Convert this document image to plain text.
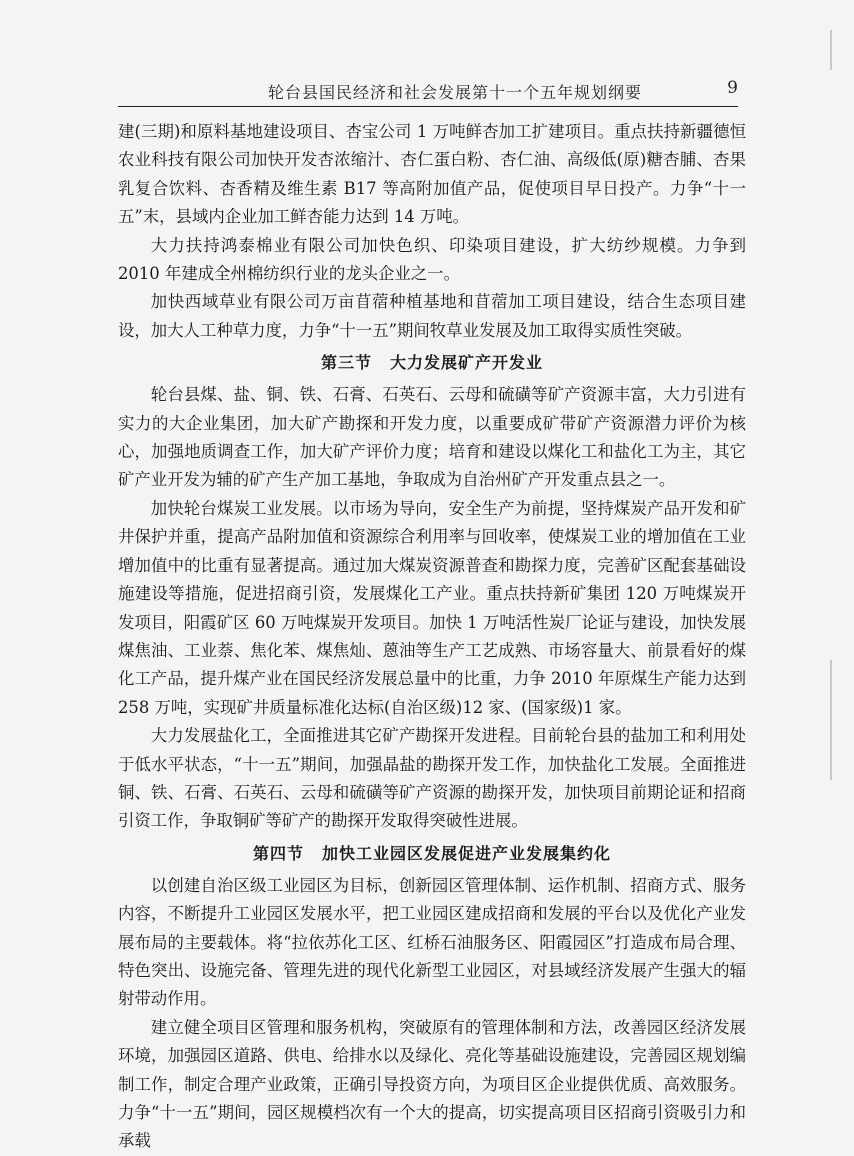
轮台县国民经济和社会发展第十一个五年规划纲要	9

建(三期)和原料基地建设项目、杏宝公司 1 万吨鲜杏加工扩建项目。重点扶持新疆德恒农业科技有限公司加快开发杏浓缩汁、杏仁蛋白粉、杏仁油、高级低(原)糖杏脯、杏果乳复合饮料、杏香精及维生素 B17 等高附加值产品，促使项目早日投产。力争“十一五”末，县域内企业加工鲜杏能力达到 14 万吨。

大力扶持鸿泰棉业有限公司加快色织、印染项目建设，扩大纺纱规模。力争到 2010 年建成全州棉纺织行业的龙头企业之一。

加快西域草业有限公司万亩苜蓿种植基地和苜蓿加工项目建设，结合生态项目建设，加大人工种草力度，力争“十一五”期间牧草业发展及加工取得实质性突破。

第三节 大力发展矿产开发业

轮台县煤、盐、铜、铁、石膏、石英石、云母和硫磺等矿产资源丰富，大力引进有实力的大企业集团，加大矿产勘探和开发力度，以重要成矿带矿产资源潜力评价为核心，加强地质调查工作，加大矿产评价力度；培育和建设以煤化工和盐化工为主，其它矿产业开发为辅的矿产生产加工基地，争取成为自治州矿产开发重点县之一。

加快轮台煤炭工业发展。以市场为导向，安全生产为前提，坚持煤炭产品开发和矿井保护并重，提高产品附加值和资源综合利用率与回收率，使煤炭工业的增加值在工业增加值中的比重有显著提高。通过加大煤炭资源普查和勘探力度，完善矿区配套基础设施建设等措施，促进招商引资，发展煤化工产业。重点扶持新矿集团 120 万吨煤炭开发项目，阳霞矿区 60 万吨煤炭开发项目。加快 1 万吨活性炭厂论证与建设，加快发展煤焦油、工业萘、焦化苯、煤焦灿、蒽油等生产工艺成熟、市场容量大、前景看好的煤化工产品，提升煤产业在国民经济发展总量中的比重，力争 2010 年原煤生产能力达到 258 万吨，实现矿井质量标准化达标(自治区级)12 家、(国家级)1 家。

大力发展盐化工，全面推进其它矿产勘探开发进程。目前轮台县的盐加工和利用处于低水平状态，“十一五”期间，加强晶盐的勘探开发工作，加快盐化工发展。全面推进铜、铁、石膏、石英石、云母和硫磺等矿产资源的勘探开发，加快项目前期论证和招商引资工作，争取铜矿等矿产的勘探开发取得突破性进展。

第四节 加快工业园区发展促进产业发展集约化

以创建自治区级工业园区为目标，创新园区管理体制、运作机制、招商方式、服务内容，不断提升工业园区发展水平，把工业园区建成招商和发展的平台以及优化产业发展布局的主要载体。将“拉依苏化工区、红桥石油服务区、阳霞园区”打造成布局合理、特色突出、设施完备、管理先进的现代化新型工业园区，对县域经济发展产生强大的辐射带动作用。

建立健全项目区管理和服务机构，突破原有的管理体制和方法，改善园区经济发展环境，加强园区道路、供电、给排水以及绿化、亮化等基础设施建设，完善园区规划编制工作，制定合理产业政策，正确引导投资方向，为项目区企业提供优质、高效服务。力争“十一五”期间，园区规模档次有一个大的提高，切实提高项目区招商引资吸引力和承载
